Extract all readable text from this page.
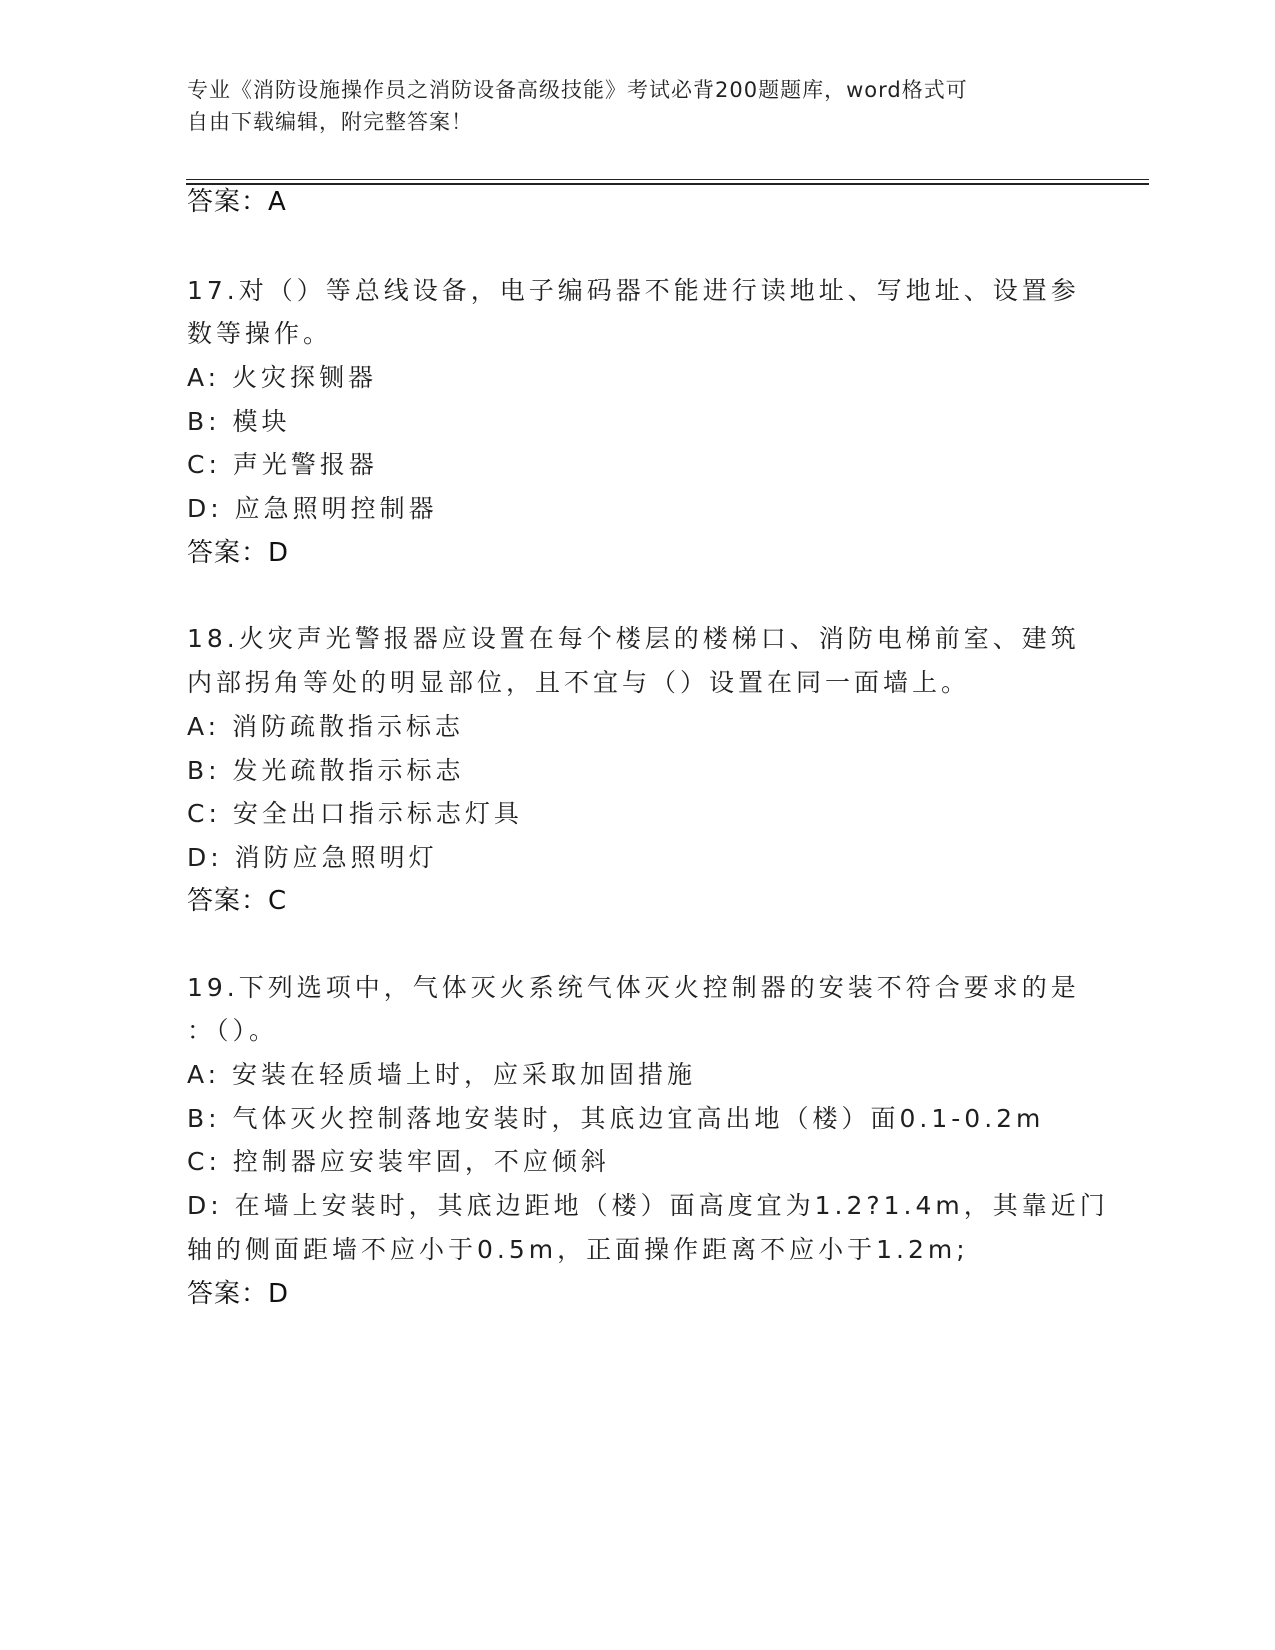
专业《消防设施操作员之消防设备高级技能》考试必背200题题库，word格式可
自由下载编辑，附完整答案！
答案：A
17.对（）等总线设备，电子编码器不能进行读地址、写地址、设置参
数等操作。
A: 火灾探铡器
B: 模块
C: 声光警报器
D: 应急照明控制器
答案：D
18.火灾声光警报器应设置在每个楼层的楼梯口、消防电梯前室、建筑
内部拐角等处的明显部位，且不宜与（）设置在同一面墙上。
A: 消防疏散指示标志
B: 发光疏散指示标志
C: 安全出口指示标志灯具
D: 消防应急照明灯
答案：C
19.下列选项中，气体灭火系统气体灭火控制器的安装不符合要求的是
：（）。
A: 安装在轻质墙上时，应采取加固措施
B: 气体灭火控制落地安装时，其底边宜高出地（楼）面0.1-0.2m
C: 控制器应安装牢固，不应倾斜
D: 在墙上安装时，其底边距地（楼）面高度宜为1.2?1.4m，其靠近门
轴的侧面距墙不应小于0.5m，正面操作距离不应小于1.2m;
答案：D
